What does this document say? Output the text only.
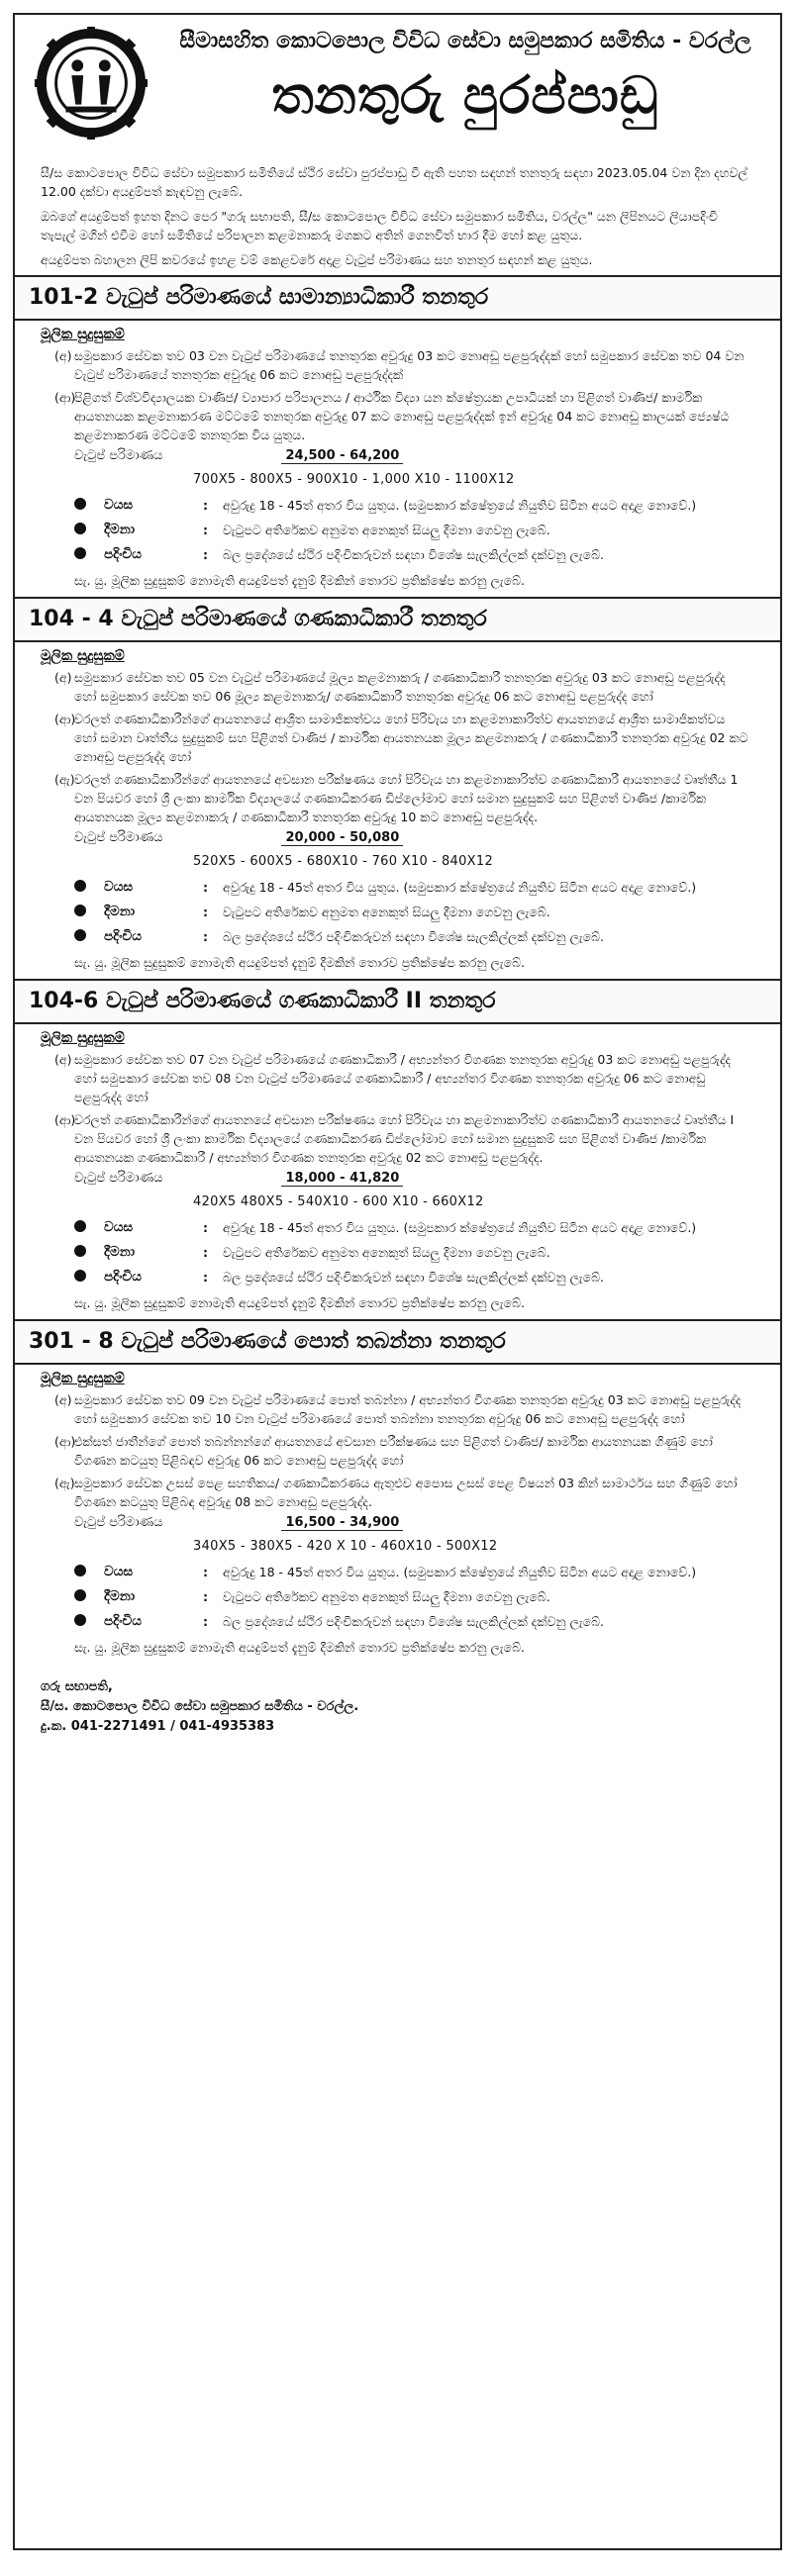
සීමාසහිත කොටපොල විවිධ සේවා සමුපකාර සමිතිය - වරල්ල
තනතුරු පුරප්පාඩු

සී/ස කොටපොල විවිධ සේවා සමුපකාර සමිතියේ ස්ථිර සේවා පුරප්පාඩු වී ඇති පහත සඳහන් තනතුරු සඳහා 2023.05.04 වන දින දහවල් 12.00 දක්වා අයදුම්පත් කැඳවනු ලැබේ.

ඔබගේ අයදුම්පත් ඉහත දිනට පෙර "ගරු සභාපති, සී/ස කොටපොල විවිධ සේවා සමුපකාර සමිතිය, වරල්ල" යන ලිපිනයට ලියාපදිංචි තැපැල් මගින් එවීම හෝ සමිතියේ පරිපාලන කළමනාකරු මගකට අතින් ගෙනවිත් භාර දීම හෝ කළ යුතුය.

අයදුම්පත බහාලන ලිපි කවරයේ ඉහළ වම් කෙළවරේ අදාළ වැටුප් පරිමාණය සහ තනතුර සඳහන් කළ යුතුය.

101-2 වැටුප් පරිමාණයේ සාමාන්‍යාධිකාරී තනතුර
මූලික සුදුසුකම්
(අ) සමුපකාර සේවක තව 03 වන වැටුප් පරිමාණයේ තනතුරක අවුරුදු 03 කට නොඅඩු පළපුරුද්දක් හෝ සමුපකාර සේවක තව 04 වන වැටුප් පරිමාණයේ තනතුරක අවුරුදු 06 කට නොඅඩු පළපුරුද්දක්
(ආ)
පිළිගත් විශ්වවිද්‍යාලයක වාණිජ/ ව්‍යාපාර පරිපාලනය / ආර්ථික විද්‍යා යන ක්ෂේත්‍රයක උපාධියක් හා පිළිගත් වාණිජ/ කාර්මික ආයතනයක කළමනාකරණ මට්ටමේ තනතුරක අවුරුදු 07 කට නොඅඩු පළපුරුද්දක් ඉන් අවුරුදු 04 කට නොඅඩු කාලයක් ජ්‍යෙෂ්ඨ කළමනාකරණ මට්ටමේ තනතුරක විය යුතුය.
වැටුප් පරිමාණය	24,500 - 64,200
700X5 - 800X5 - 900X10 - 1,000 X10 - 1100X12
වයස	: අවුරුදු 18 - 45ත් අතර විය යුතුය. (සමුපකාර ක්ෂේත්‍රයේ නියුතිව සිටින අයට අදාළ නොවේ.)
දීමනා	: වැටුපට අතිරේකව අනුමත අනෙකුත් සියලු දීමනා ගෙවනු ලැබේ.
පදිංචිය	: බල ප්‍රදේශයේ ස්ථිර පදිංචිකරුවන් සඳහා විශේෂ සැලකිල්ලක් දක්වනු ලැබේ.
සැ. යු. මූලික සුදුසුකම් නොමැති අයදුම්පත් දැනුම් දීමකින් තොරව ප්‍රතික්ෂේප කරනු ලැබේ.
104 - 4 වැටුප් පරිමාණයේ ගණකාධිකාරී තනතුර
මූලික සුදුසුකම්
(අ) සමුපකාර සේවක තව 05 වන වැටුප් පරිමාණයේ මූල්‍ය කළමනාකරු / ගණකාධිකාරී තනතුරක අවුරුදු 03 කට නොඅඩු පළපුරුද්ද හෝ සමුපකාර සේවක තව 06 මූල්‍ය කළමනාකරු/ ගණකාධිකාරී තනතුරක අවුරුදු 06 කට නොඅඩු පළපුරුද්ද හෝ
(ආ)
වරලත් ගණකාධිකාරීන්ගේ ආයතනයේ ආශ්‍රිත සාමාජිකත්වය හෝ පිරිවැය හා කළමනාකාරිත්ව ආයතනයේ ආශ්‍රිත සාමාජිකත්වය හෝ සමාන වෘත්තීය සුදුසුකම් සහ පිළිගත් වාණිජ / කාර්මික ආයතනයක මූල්‍ය කළමනාකරු / ගණකාධිකාරී තනතුරක අවුරුදු 02 කට නොඅඩු පළපුරුද්ද හෝ
(ඇ) වරලත් ගණකාධිකාරීන්ගේ ආයතනයේ අවසාන පරීක්ෂණය හෝ පිරිවැය හා කළමනාකාරිත්ව ගණකාධිකාරී ආයතනයේ වෘත්තීය 1 වන පියවර හෝ ශ්‍රී ලංකා කාර්මික විද්‍යාලයේ ගණකාධිකරණ ඩිප්ලෝමාව හෝ සමාන සුදුසුකම් සහ පිළිගත් වාණිජ /කාර්මික ආයතනයක මූල්‍ය කළමනාකරු / ගණකාධිකාරී තනතුරක අවුරුදු 10 කට නොඅඩු පළපුරුද්ද.
වැටුප් පරිමාණය	20,000 - 50,080
520X5 - 600X5 - 680X10 - 760 X10 - 840X12
වයස	: අවුරුදු 18 - 45ත් අතර විය යුතුය. (සමුපකාර ක්ෂේත්‍රයේ නියුතිව සිටින අයට අදාළ නොවේ.)
දීමනා	: වැටුපට අතිරේකව අනුමත අනෙකුත් සියලු දීමනා ගෙවනු ලැබේ.
පදිංචිය	: බල ප්‍රදේශයේ ස්ථිර පදිංචිකරුවන් සඳහා විශේෂ සැලකිල්ලක් දක්වනු ලැබේ.
සැ. යු. මූලික සුදුසුකම් නොමැති අයදුම්පත් දැනුම් දීමකින් තොරව ප්‍රතික්ෂේප කරනු ලැබේ.
104-6 වැටුප් පරිමාණයේ ගණකාධිකාරී II තනතුර
මූලික සුදුසුකම්
(අ) සමුපකාර සේවක තව 07 වන වැටුප් පරිමාණයේ ගණකාධිකාරී / අභ්‍යන්තර විගණක තනතුරක අවුරුදු 03 කට නොඅඩු පළපුරුද්ද හෝ සමුපකාර සේවක තව 08 වන වැටුප් පරිමාණයේ ගණකාධිකාරී / අභ්‍යන්තර විගණක තනතුරක අවුරුදු 06 කට නොඅඩු පළපුරුද්ද හෝ
(ආ)
වරලත් ගණකාධිකාරීන්ගේ ආයතනයේ අවසාන පරීක්ෂණය හෝ පිරිවැය හා කළමනාකාරිත්ව ගණකාධිකාරී ආයතනයේ වෘත්තීය I වන පියවර හෝ ශ්‍රී ලංකා කාර්මික විද්‍යාලයේ ගණකාධිකරණ ඩිප්ලෝමාව හෝ සමාන සුදුසුකම් සහ පිළිගත් වාණිජ /කාර්මික ආයතනයක ගණකාධිකාරී / අභ්‍යන්තර විගණක තනතුරක අවුරුදු 02 කට නොඅඩු පළපුරුද්ද.
වැටුප් පරිමාණය	18,000 - 41,820
420X5 480X5 - 540X10 - 600 X10 - 660X12
වයස	: අවුරුදු 18 - 45ත් අතර විය යුතුය. (සමුපකාර ක්ෂේත්‍රයේ නියුතිව සිටින අයට අදාළ නොවේ.)
දීමනා	: වැටුපට අතිරේකව අනුමත අනෙකුත් සියලු දීමනා ගෙවනු ලැබේ.
පදිංචිය	: බල ප්‍රදේශයේ ස්ථිර පදිංචිකරුවන් සඳහා විශේෂ සැලකිල්ලක් දක්වනු ලැබේ.
සැ. යු. මූලික සුදුසුකම් නොමැති අයදුම්පත් දැනුම් දීමකින් තොරව ප්‍රතික්ෂේප කරනු ලැබේ.
301 - 8 වැටුප් පරිමාණයේ පොත් තබන්නා තනතුර
මූලික සුදුසුකම්
(අ) සමුපකාර සේවක තව 09 වන වැටුප් පරිමාණයේ පොත් තබන්නා / අභ්‍යන්තර විගණක තනතුරක අවුරුදු 03 කට නොඅඩු පළපුරුද්ද හෝ සමුපකාර සේවක තව 10 වන වැටුප් පරිමාණයේ පොත් තබන්නා තනතුරක අවුරුදු 06 කට නොඅඩු පළපුරුද්ද හෝ
(ආ)
එක්සත් ජාතීන්ගේ පොත් තබන්නන්ගේ ආයතනයේ අවසාන පරීක්ෂණය සහ පිළිගත් වාණිජ/ කාර්මික ආයතනයක ගිණුම් හෝ විගණන කටයුතු පිළිබඳව අවුරුදු 06 කට නොඅඩු පළපුරුද්ද හෝ
(ඇ) සමුපකාර සේවක උසස් පෙළ සහතිකය/ ගණකාධිකරණය ඇතුළුව අපොස උසස් පෙළ විෂයන් 03 කින් සාමාර්ථය සහ ගිණුම් හෝ විගණන කටයුතු පිළිබඳ අවුරුදු 08 කට නොඅඩු පළපුරුද්ද.
වැටුප් පරිමාණය	16,500 - 34,900
340X5 - 380X5 - 420 X 10 - 460X10 - 500X12
වයස	: අවුරුදු 18 - 45ත් අතර විය යුතුය. (සමුපකාර ක්ෂේත්‍රයේ නියුතිව සිටින අයට අදාළ නොවේ.)
දීමනා	: වැටුපට අතිරේකව අනුමත අනෙකුත් සියලු දීමනා ගෙවනු ලැබේ.
පදිංචිය	: බල ප්‍රදේශයේ ස්ථිර පදිංචිකරුවන් සඳහා විශේෂ සැලකිල්ලක් දක්වනු ලැබේ.
සැ. යු. මූලික සුදුසුකම් නොමැති අයදුම්පත් දැනුම් දීමකින් තොරව ප්‍රතික්ෂේප කරනු ලැබේ.
ගරු සභාපති,
සී/ස. කොටපොල විවිධ සේවා සමුපකාර සමිතිය - වරල්ල.
දු.ක. 041-2271491 / 041-4935383
